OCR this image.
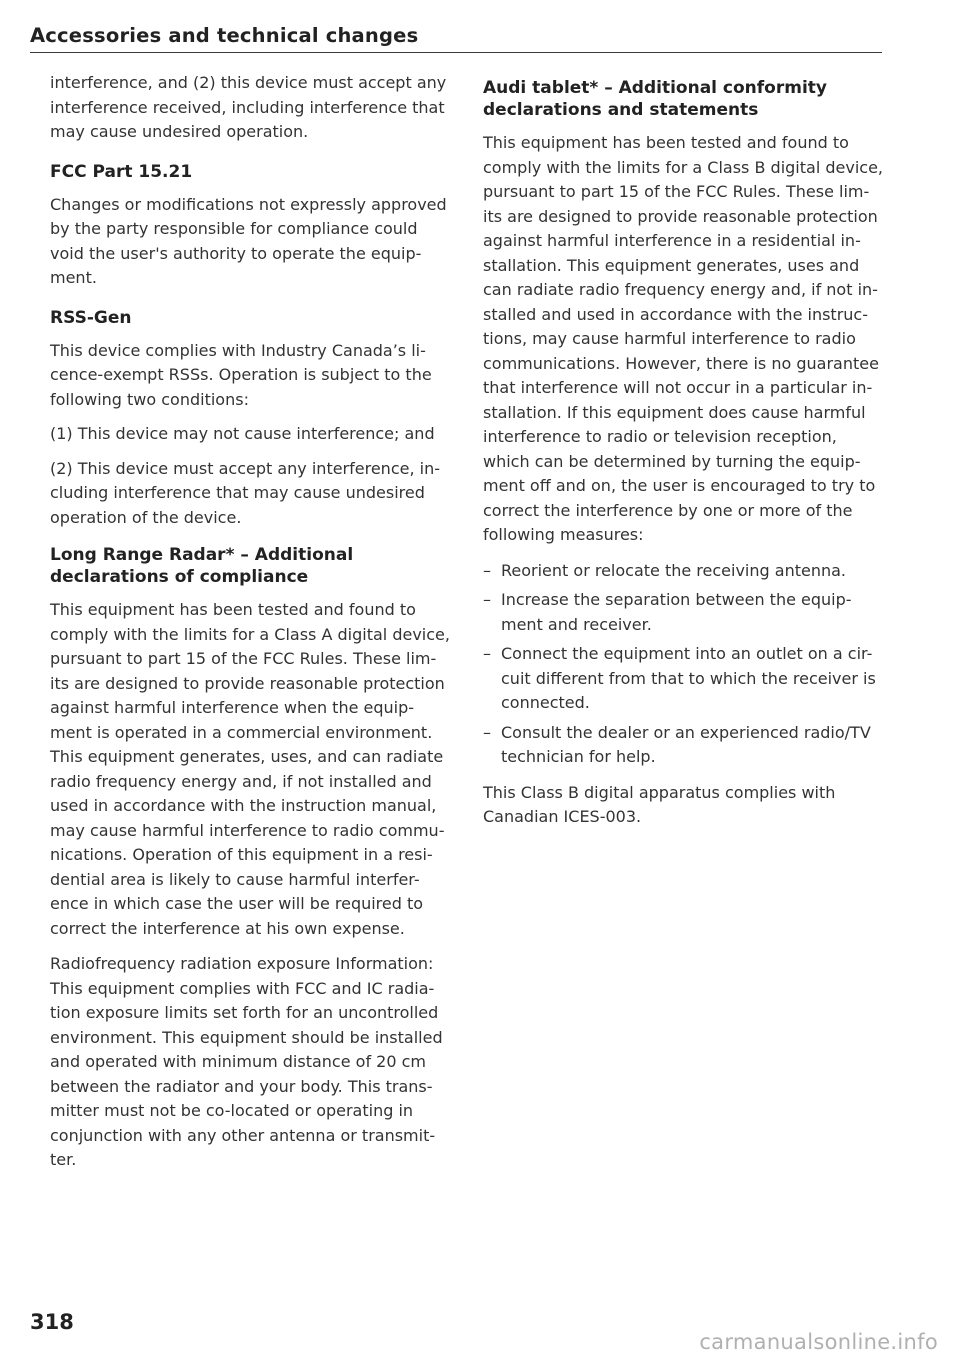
Accessories and technical changes

interference, and (2) this device must accept any interference received, including interference that may cause undesired operation.

FCC Part 15.21

Changes or modifications not expressly approved by the party responsible for compliance could void the user's authority to operate the equip- ment.

RSS-Gen

This device complies with Industry Canada’s li- cence-exempt RSSs. Operation is subject to the following two conditions:

(1) This device may not cause interference; and

(2) This device must accept any interference, in- cluding interference that may cause undesired operation of the device.

Long Range Radar* – Additional declarations of compliance

This equipment has been tested and found to comply with the limits for a Class A digital device, pursuant to part 15 of the FCC Rules. These lim- its are designed to provide reasonable protection against harmful interference when the equip- ment is operated in a commercial environment. This equipment generates, uses, and can radiate radio frequency energy and, if not installed and used in accordance with the instruction manual, may cause harmful interference to radio commu- nications. Operation of this equipment in a resi- dential area is likely to cause harmful interfer- ence in which case the user will be required to correct the interference at his own expense.

Radiofrequency radiation exposure Information: This equipment complies with FCC and IC radia- tion exposure limits set forth for an uncontrolled environment. This equipment should be installed and operated with minimum distance of 20 cm between the radiator and your body. This trans- mitter must not be co-located or operating in conjunction with any other antenna or transmit- ter.

Audi tablet* – Additional conformity declarations and statements

This equipment has been tested and found to comply with the limits for a Class B digital device, pursuant to part 15 of the FCC Rules. These lim- its are designed to provide reasonable protection against harmful interference in a residential in- stallation. This equipment generates, uses and can radiate radio frequency energy and, if not in- stalled and used in accordance with the instruc- tions, may cause harmful interference to radio communications. However, there is no guarantee that interference will not occur in a particular in- stallation. If this equipment does cause harmful interference to radio or television reception, which can be determined by turning the equip- ment off and on, the user is encouraged to try to correct the interference by one or more of the following measures:

– Reorient or relocate the receiving antenna.
– Increase the separation between the equip- ment and receiver.
– Connect the equipment into an outlet on a cir- cuit different from that to which the receiver is connected.
– Consult the dealer or an experienced radio/TV technician for help.

This Class B digital apparatus complies with Canadian ICES-003.

318
carmanualsonline.info
